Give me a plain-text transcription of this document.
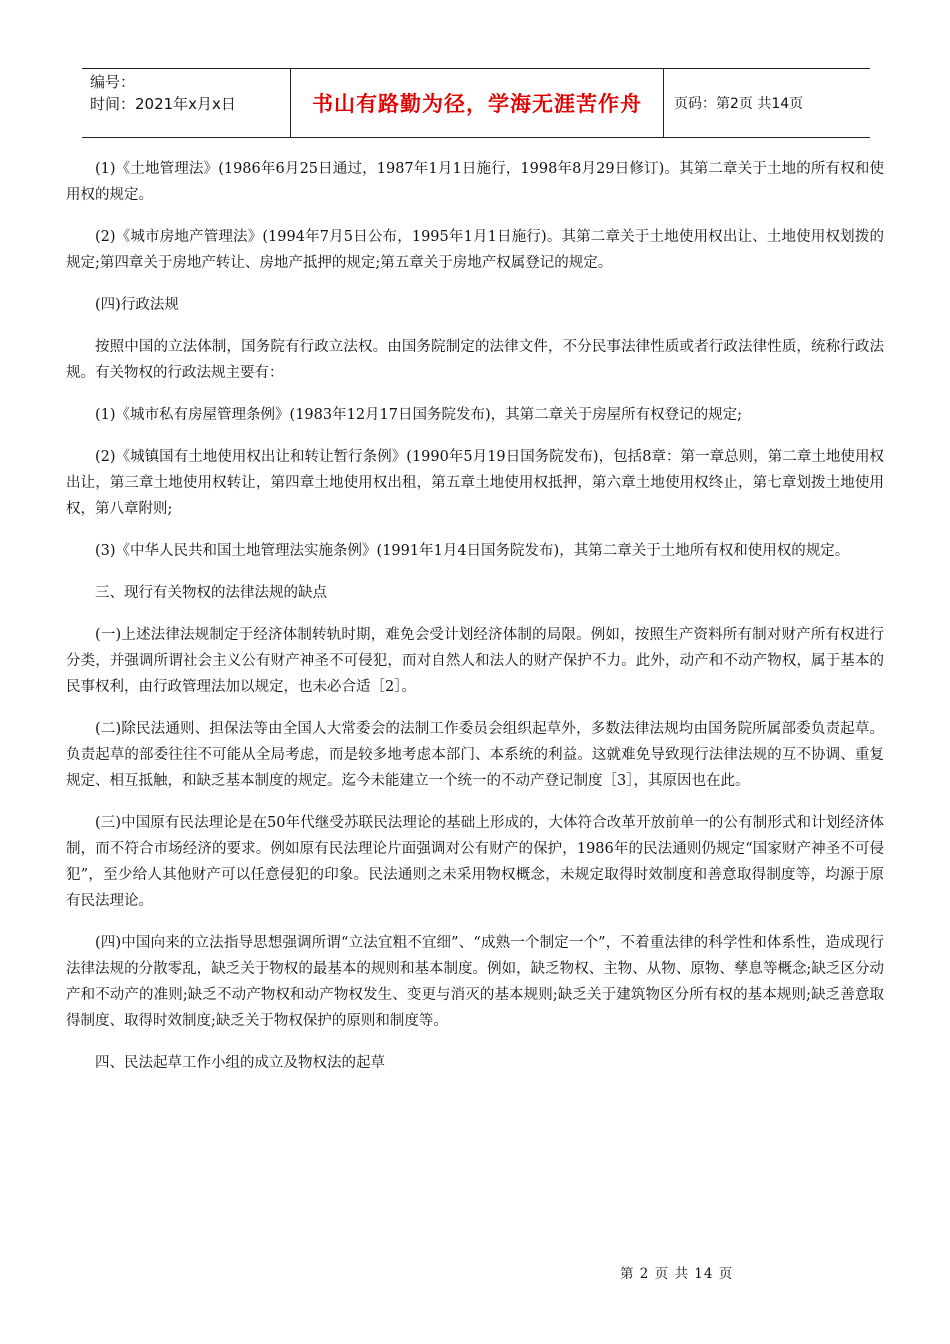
编号：
时间：2021年x月x日	书山有路勤为径，学海无涯苦作舟 页码：第2页 共14页

(1)《土地管理法》(1986年6月25日通过，1987年1月1日施行，1998年8月29日修订)。其第二章关于土地的所有权和使用权的规定。

(2)《城市房地产管理法》(1994年7月5日公布，1995年1月1日施行)。其第二章关于土地使用权出让、土地使用权划拨的规定;第四章关于房地产转让、房地产抵押的规定;第五章关于房地产权属登记的规定。

(四)行政法规

按照中国的立法体制，国务院有行政立法权。由国务院制定的法律文件，不分民事法律性质或者行政法律性质，统称行政法规。有关物权的行政法规主要有：

(1)《城市私有房屋管理条例》(1983年12月17日国务院发布)，其第二章关于房屋所有权登记的规定;

(2)《城镇国有土地使用权出让和转让暂行条例》(1990年5月19日国务院发布)，包括8章：第一章总则，第二章土地使用权出让，第三章土地使用权转让，第四章土地使用权出租，第五章土地使用权抵押，第六章土地使用权终止，第七章划拨土地使用权，第八章附则;

(3)《中华人民共和国土地管理法实施条例》(1991年1月4日国务院发布)，其第二章关于土地所有权和使用权的规定。

三、现行有关物权的法律法规的缺点

(一)上述法律法规制定于经济体制转轨时期，难免会受计划经济体制的局限。例如，按照生产资料所有制对财产所有权进行分类，并强调所谓社会主义公有财产神圣不可侵犯，而对自然人和法人的财产保护不力。此外，动产和不动产物权，属于基本的民事权利，由行政管理法加以规定，也未必合适［2］。

(二)除民法通则、担保法等由全国人大常委会的法制工作委员会组织起草外，多数法律法规均由国务院所属部委负责起草。负责起草的部委往往不可能从全局考虑，而是较多地考虑本部门、本系统的利益。这就难免导致现行法律法规的互不协调、重复规定、相互抵触，和缺乏基本制度的规定。迄今未能建立一个统一的不动产登记制度［3］，其原因也在此。

(三)中国原有民法理论是在50年代继受苏联民法理论的基础上形成的，大体符合改革开放前单一的公有制形式和计划经济体制，而不符合市场经济的要求。例如原有民法理论片面强调对公有财产的保护，1986年的民法通则仍规定“国家财产神圣不可侵犯”，至少给人其他财产可以任意侵犯的印象。民法通则之未采用物权概念，未规定取得时效制度和善意取得制度等，均源于原有民法理论。

(四)中国向来的立法指导思想强调所谓“立法宜粗不宜细”、“成熟一个制定一个”，不着重法律的科学性和体系性，造成现行法律法规的分散零乱，缺乏关于物权的最基本的规则和基本制度。例如，缺乏物权、主物、从物、原物、孳息等概念;缺乏区分动产和不动产的准则;缺乏不动产物权和动产物权发生、变更与消灭的基本规则;缺乏关于建筑物区分所有权的基本规则;缺乏善意取得制度、取得时效制度;缺乏关于物权保护的原则和制度等。

四、民法起草工作小组的成立及物权法的起草

第 2 页 共 14 页
